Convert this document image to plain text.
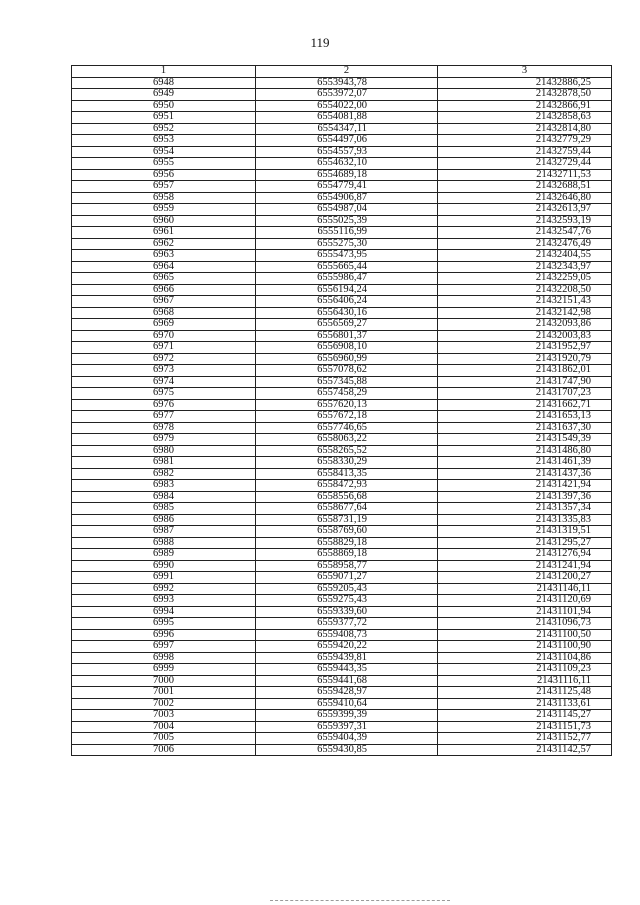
119
1	2	3
6948	6553943,78	21432886,25
6949	6553972,07	21432878,50
6950	6554022,00	21432866,91
6951	6554081,88	21432858,63
6952	6554347,11	21432814,80
6953	6554497,06	21432779,29
6954	6554557,93	21432759,44
6955	6554632,10	21432729,44
6956	6554689,18	21432711,53
6957	6554779,41	21432688,51
6958	6554906,87	21432646,80
6959	6554987,04	21432613,97
6960	6555025,39	21432593,19
6961	6555116,99	21432547,76
6962	6555275,30	21432476,49
6963	6555473,95	21432404,55
6964	6555665,44	21432343,97
6965	6555986,47	21432259,05
6966	6556194,24	21432208,50
6967	6556406,24	21432151,43
6968	6556430,16	21432142,98
6969	6556569,27	21432093,86
6970	6556801,37	21432003,83
6971	6556908,10	21431952,97
6972	6556960,99	21431920,79
6973	6557078,62	21431862,01
6974	6557345,88	21431747,90
6975	6557458,29	21431707,23
6976	6557620,13	21431662,71
6977	6557672,18	21431653,13
6978	6557746,65	21431637,30
6979	6558063,22	21431549,39
6980	6558265,52	21431486,80
6981	6558330,29	21431461,39
6982	6558413,35	21431437,36
6983	6558472,93	21431421,94
6984	6558556,68	21431397,36
6985	6558677,64	21431357,34
6986	6558731,19	21431335,83
6987	6558769,60	21431319,51
6988	6558829,18	21431295,27
6989	6558869,18	21431276,94
6990	6558958,77	21431241,94
6991	6559071,27	21431200,27
6992	6559205,43	21431146,11
6993	6559275,43	21431120,69
6994	6559339,60	21431101,94
6995	6559377,72	21431096,73
6996	6559408,73	21431100,50
6997	6559420,22	21431100,90
6998	6559439,81	21431104,86
6999	6559443,35	21431109,23
7000	6559441,68	21431116,11
7001	6559428,97	21431125,48
7002	6559410,64	21431133,61
7003	6559399,39	21431145,27
7004	6559397,31	21431151,73
7005	6559404,39	21431152,77
7006	6559430,85	21431142,57
